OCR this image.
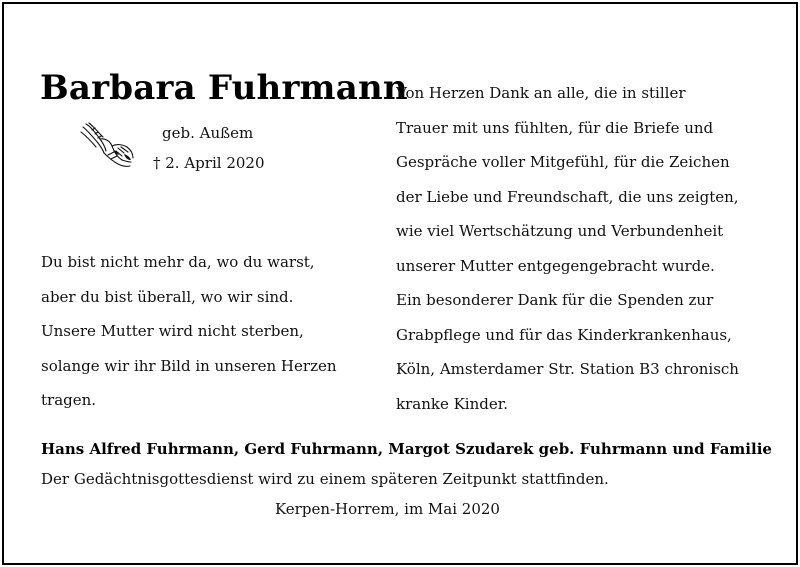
Barbara Fuhrmann
geb. Außem
† 2. April 2020
Du bist nicht mehr da, wo du warst,
aber du bist überall, wo wir sind.
Unsere Mutter wird nicht sterben,
solange wir ihr Bild in unseren Herzen
tragen.
Von Herzen Dank an alle, die in stiller
Trauer mit uns fühlten, für die Briefe und
Gespräche voller Mitgefühl, für die Zeichen
der Liebe und Freundschaft, die uns zeigten,
wie viel Wertschätzung und Verbundenheit
unserer Mutter entgegengebracht wurde.
Ein besonderer Dank für die Spenden zur
Grabpflege und für das Kinderkrankenhaus,
Köln, Amsterdamer Str. Station B3 chronisch
kranke Kinder.
Hans Alfred Fuhrmann, Gerd Fuhrmann, Margot Szudarek geb. Fuhrmann und Familie
Der Gedächtnisgottesdienst wird zu einem späteren Zeitpunkt stattfinden.
Kerpen-Horrem, im Mai 2020
